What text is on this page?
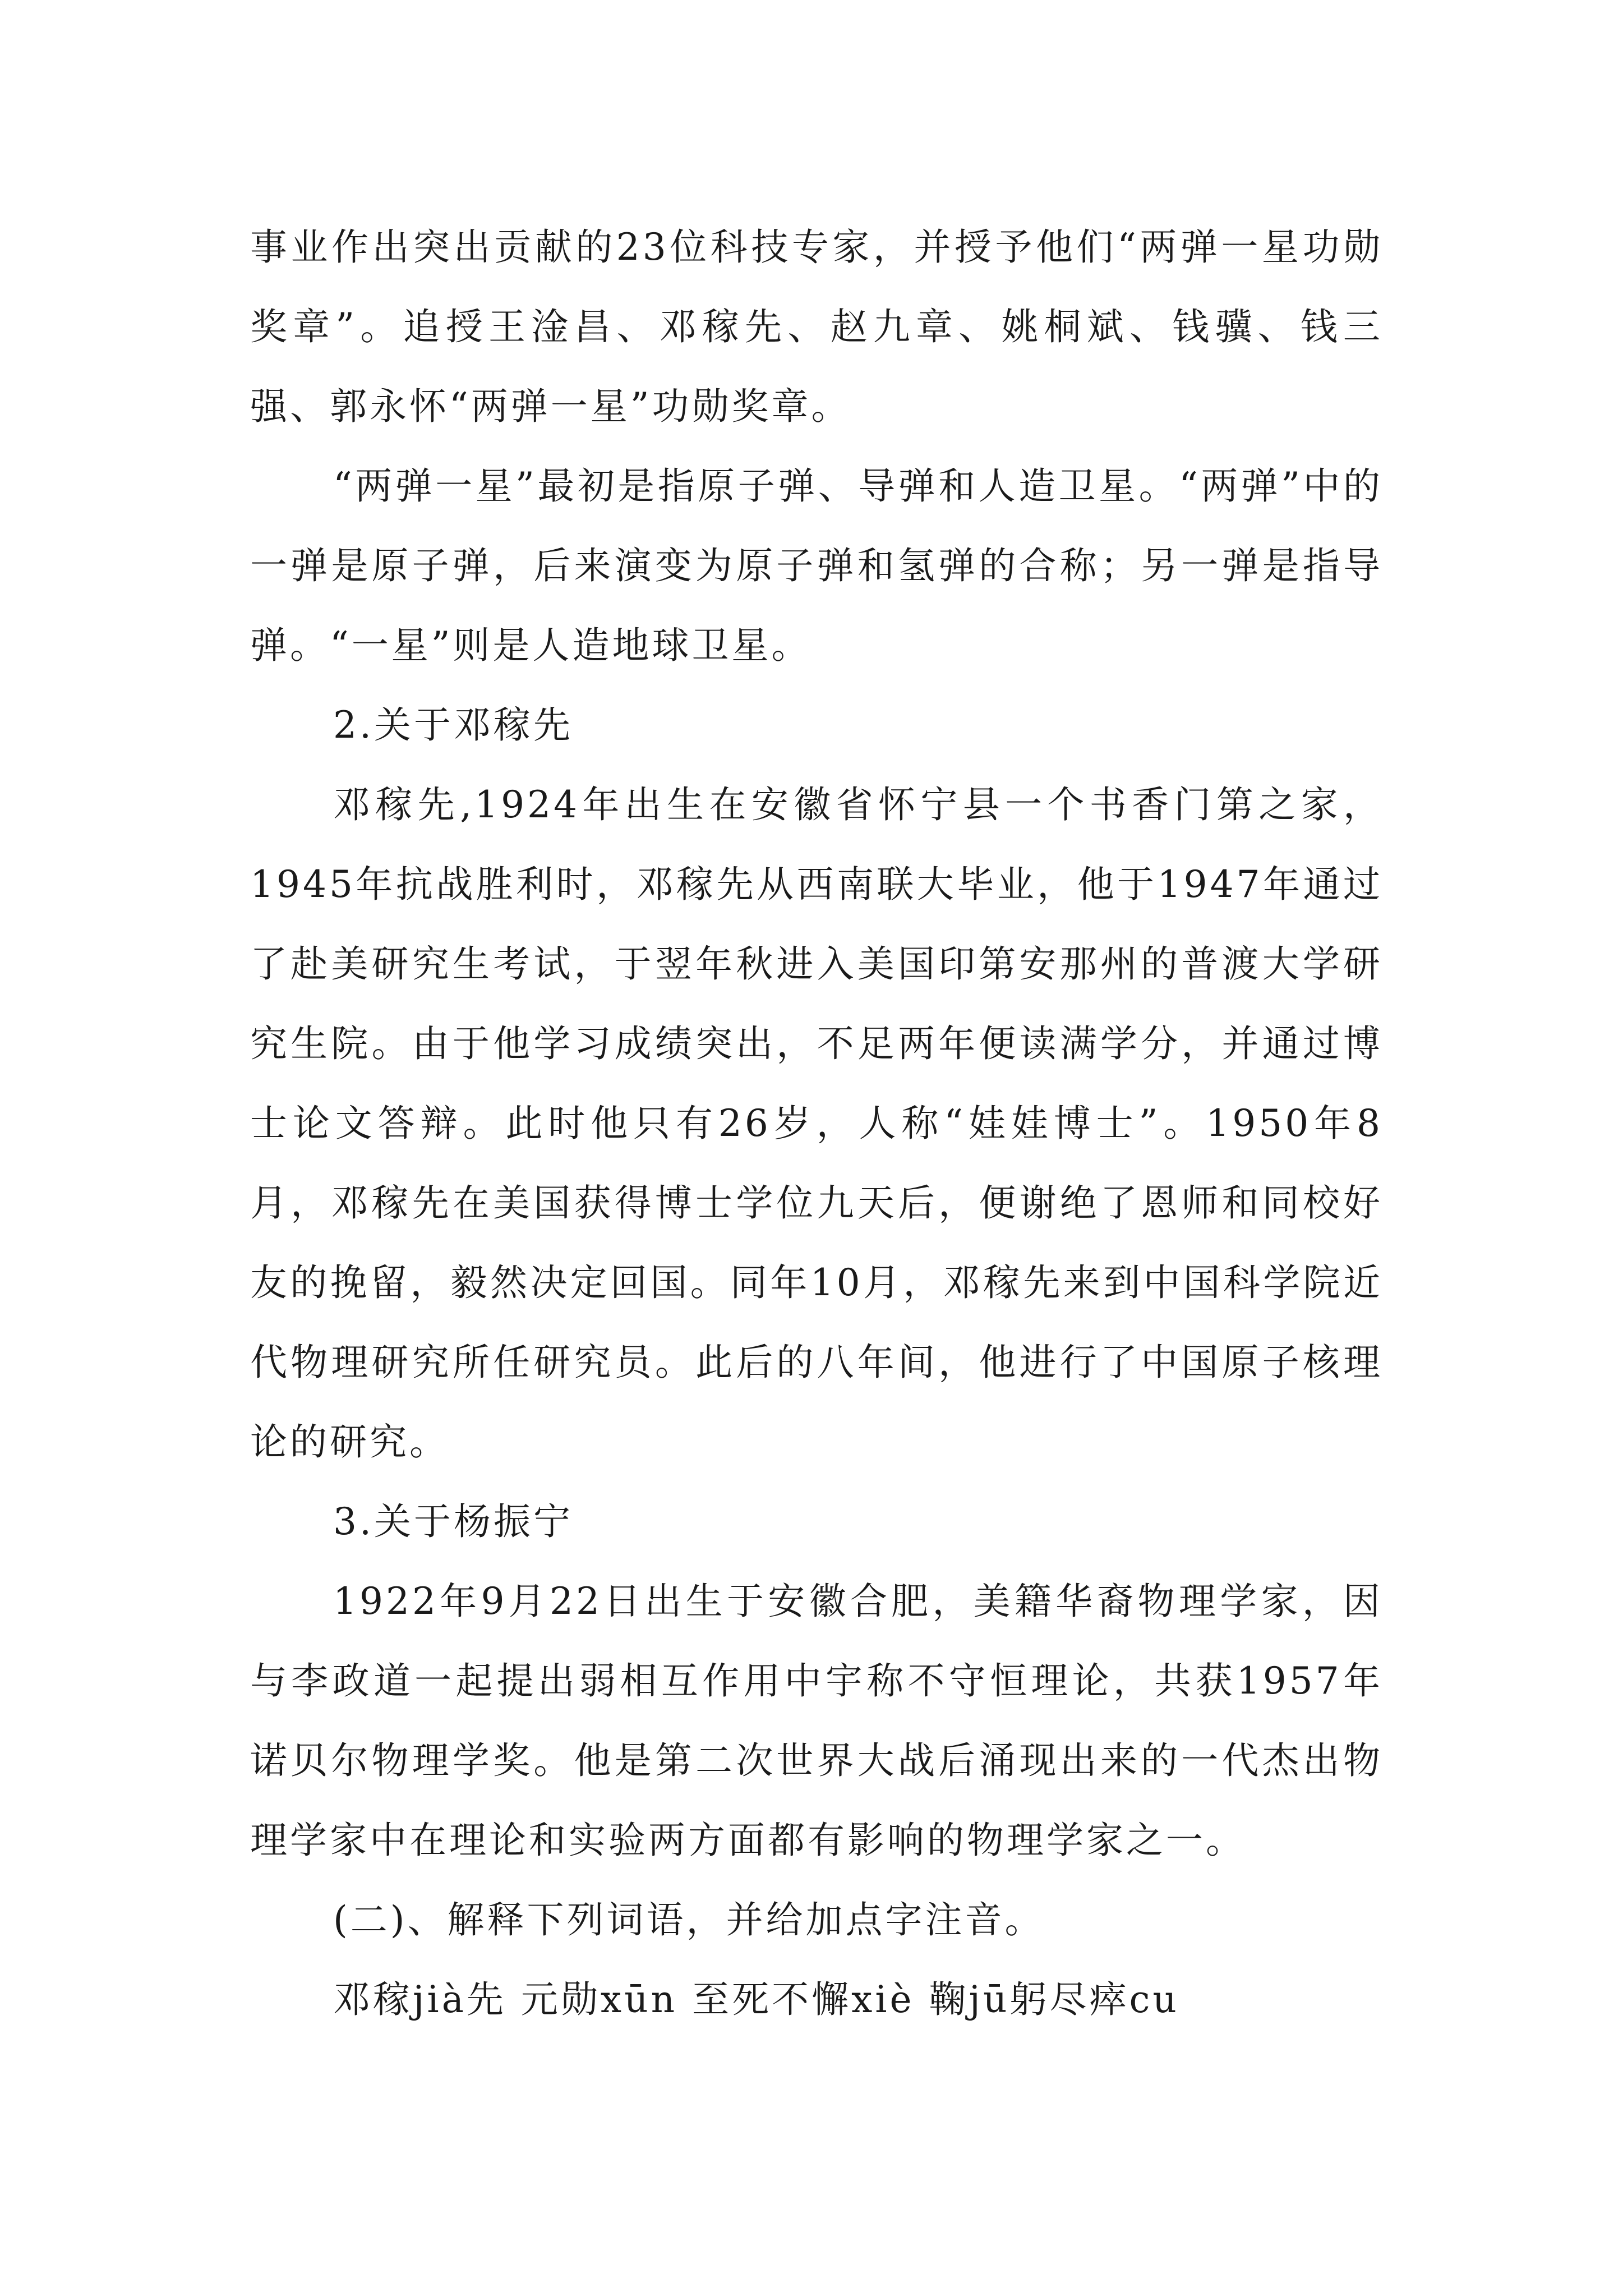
事业作出突出贡献的23位科技专家，并授予他们“两弹一星功勋奖章”。追授王淦昌、邓稼先、赵九章、姚桐斌、钱骥、钱三强、郭永怀“两弹一星”功勋奖章。

“两弹一星”最初是指原子弹、导弹和人造卫星。“两弹”中的一弹是原子弹，后来演变为原子弹和氢弹的合称；另一弹是指导弹。“一星”则是人造地球卫星。

2.关于邓稼先

邓稼先,1924年出生在安徽省怀宁县一个书香门第之家，1945年抗战胜利时，邓稼先从西南联大毕业，他于1947年通过了赴美研究生考试，于翌年秋进入美国印第安那州的普渡大学研究生院。由于他学习成绩突出，不足两年便读满学分，并通过博士论文答辩。此时他只有26岁，人称“娃娃博士”。1950年8月，邓稼先在美国获得博士学位九天后，便谢绝了恩师和同校好友的挽留，毅然决定回国。同年10月，邓稼先来到中国科学院近代物理研究所任研究员。此后的八年间，他进行了中国原子核理论的研究。

3.关于杨振宁

1922年9月22日出生于安徽合肥，美籍华裔物理学家，因与李政道一起提出弱相互作用中宇称不守恒理论，共获1957年诺贝尔物理学奖。他是第二次世界大战后涌现出来的一代杰出物理学家中在理论和实验两方面都有影响的物理学家之一。

(二)、解释下列词语，并给加点字注音。

邓稼jià先 元勋xūn 至死不懈xiè 鞠jū躬尽瘁cu
